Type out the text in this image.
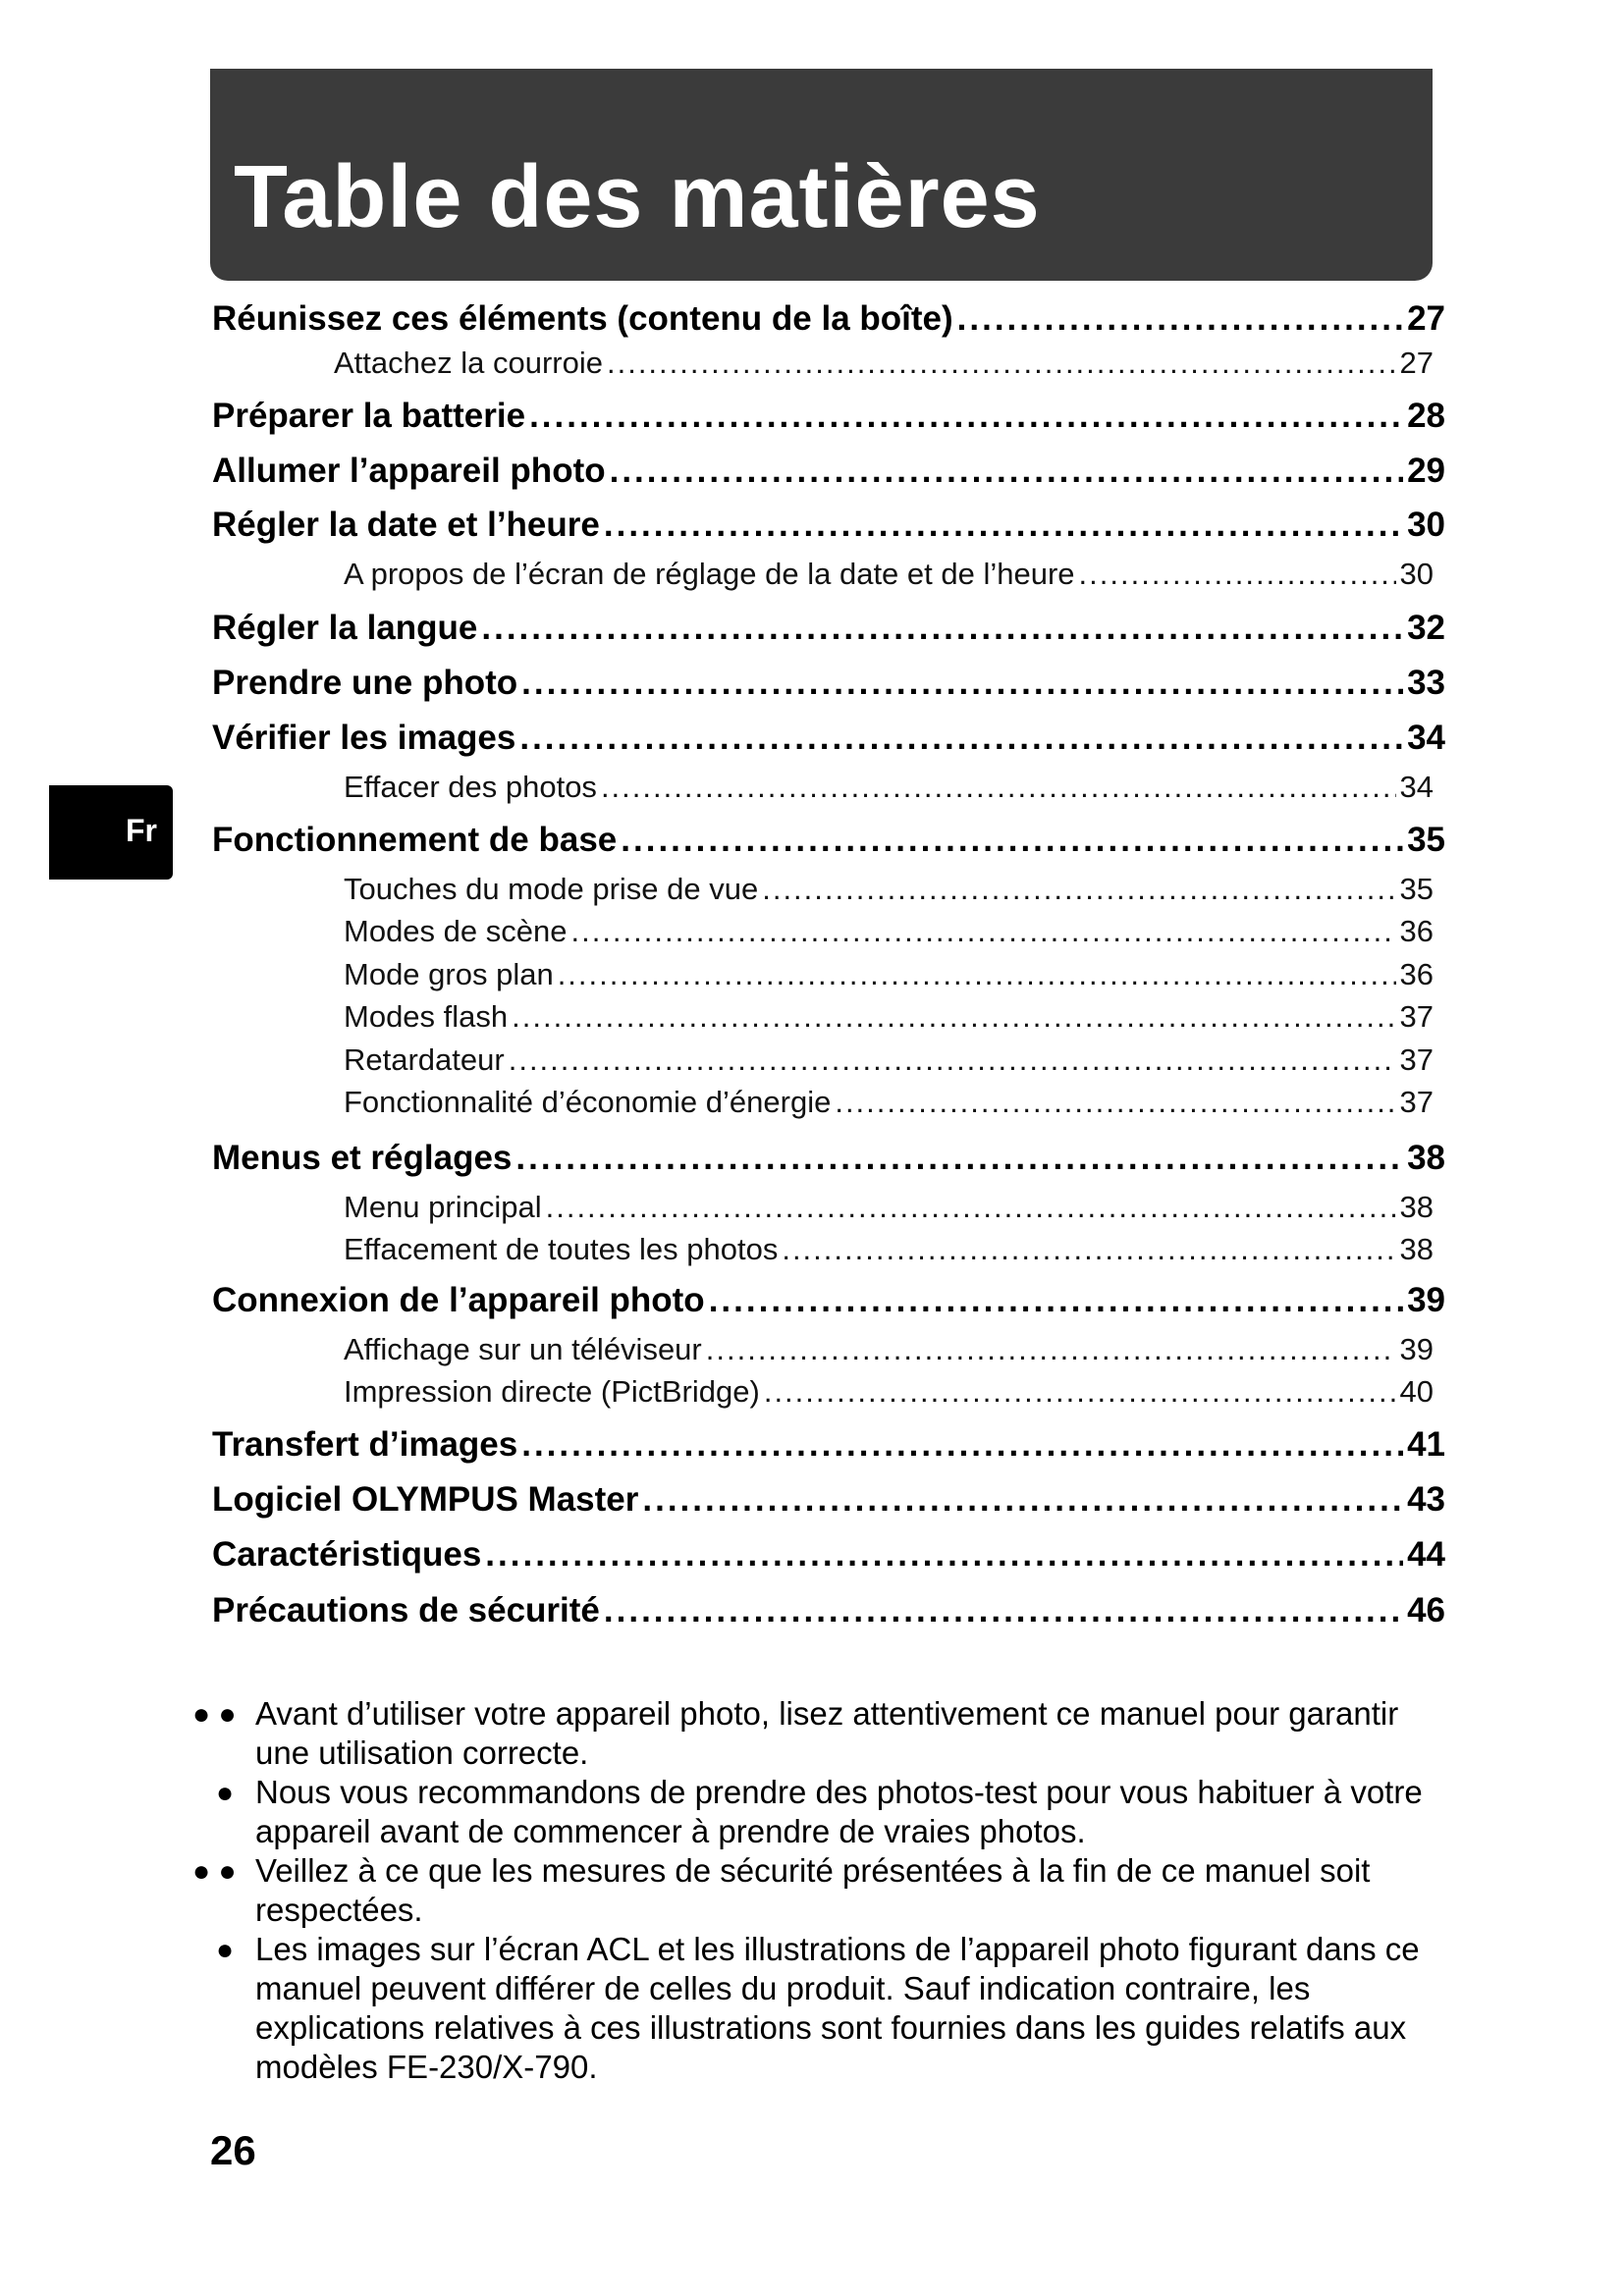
Table des matières
Fr
Réunissez ces éléments (contenu de la boîte) .....	27
Attachez la courroie .....	27
Préparer la batterie .....	28
Allumer l’appareil photo .....	29
Régler la date et l’heure .....	30
A propos de l’écran de réglage de la date et de l’heure .....	30
Régler la langue .....	32
Prendre une photo .....	33
Vérifier les images .....	34
Effacer des photos .....	34
Fonctionnement de base .....	35
Touches du mode prise de vue .....	35
Modes de scène .....	36
Mode gros plan .....	36
Modes flash .....	37
Retardateur .....	37
Fonctionnalité d’économie d’énergie .....	37
Menus et réglages .....	38
Menu principal .....	38
Effacement de toutes les photos .....	38
Connexion de l’appareil photo .....	39
Affichage sur un téléviseur .....	39
Impression directe (PictBridge) .....	40
Transfert d’images .....	41
Logiciel OLYMPUS Master .....	43
Caractéristiques .....	44
Précautions de sécurité .....	46

● ● Avant d’utiliser votre appareil photo, lisez attentivement ce manuel pour garantir une utilisation correcte.

● Nous vous recommandons de prendre des photos-test pour vous habituer à votre appareil avant de commencer à prendre de vraies photos.

● ● Veillez à ce que les mesures de sécurité présentées à la fin de ce manuel soit respectées.

● Les images sur l’écran ACL et les illustrations de l’appareil photo figurant dans ce manuel peuvent différer de celles du produit. Sauf indication contraire, les explications relatives à ces illustrations sont fournies dans les guides relatifs aux modèles FE-230/X-790.

26
